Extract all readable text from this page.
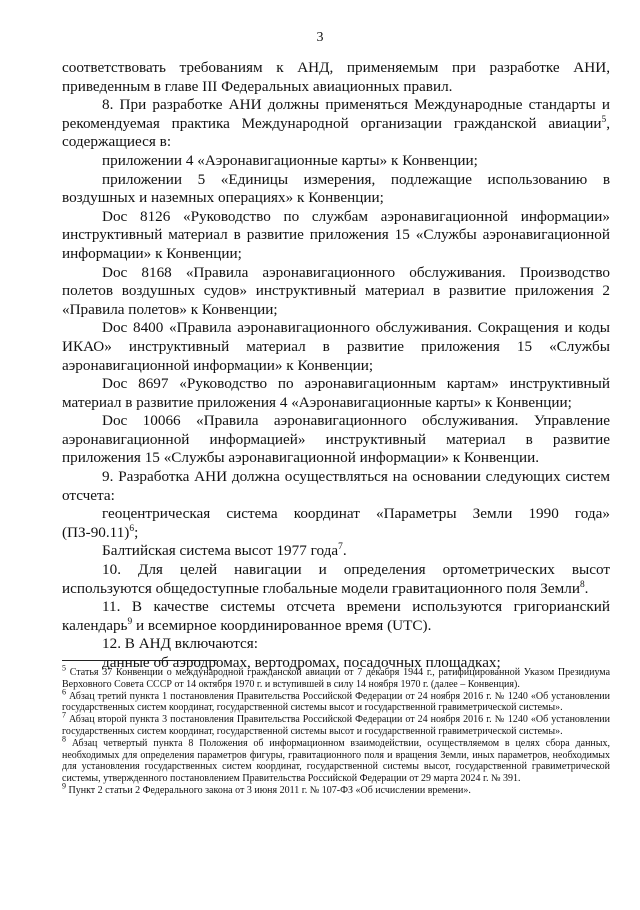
3

соответствовать требованиям к АНД, применяемым при разработке АНИ, приведенным в главе III Федеральных авиационных правил.

8. При разработке АНИ должны применяться Международные стандарты и рекомендуемая практика Международной организации гражданской авиации$^5$, содержащиеся в:

приложении 4 «Аэронавигационные карты» к Конвенции;

приложении 5 «Единицы измерения, подлежащие использованию в воздушных и наземных операциях» к Конвенции;

Doc 8126 «Руководство по службам аэронавигационной информации» инструктивный материал в развитие приложения 15 «Службы аэронавигационной информации» к Конвенции;

Doc 8168 «Правила аэронавигационного обслуживания. Производство полетов воздушных судов» инструктивный материал в развитие приложения 2 «Правила полетов» к Конвенции;

Doc 8400 «Правила аэронавигационного обслуживания. Сокращения и коды ИКАО» инструктивный материал в развитие приложения 15 «Службы аэронавигационной информации» к Конвенции;

Doc 8697 «Руководство по аэронавигационным картам» инструктивный материал в развитие приложения 4 «Аэронавигационные карты» к Конвенции;

Doc 10066 «Правила аэронавигационного обслуживания. Управление аэронавигационной информацией» инструктивный материал в развитие приложения 15 «Службы аэронавигационной информации» к Конвенции.

9. Разработка АНИ должна осуществляться на основании следующих систем отсчета:

геоцентрическая система координат «Параметры Земли 1990 года» $(ПЗ-90.11)^6$;

Балтийская система высот 1977 года$^7$.

10. Для целей навигации и определения ортометрических высот используются общедоступные глобальные модели гравитационного поля Земли$^8$.

11. В качестве системы отсчета времени используются григорианский календарь$^9$ и всемирное координированное время (UTC).

12. В АНД включаются:

данные об аэродромах, вертодромах, посадочных площадках;

$^5$ Статья 37 Конвенции о международной гражданской авиации от 7 декабря 1944 г., ратифицированной Указом Президиума Верховного Совета СССР от 14 октября 1970 г. и вступившей в силу 14 ноября 1970 г. (далее – Конвенция).

$^6$ Абзац третий пункта 1 постановления Правительства Российской Федерации от 24 ноября 2016 г. № 1240 «Об установлении государственных систем координат, государственной системы высот и государственной гравиметрической системы».

$^7$ Абзац второй пункта 3 постановления Правительства Российской Федерации от 24 ноября 2016 г. № 1240 «Об установлении государственных систем координат, государственной системы высот и государственной гравиметрической системы».

$^8$ Абзац четвертый пункта 8 Положения об информационном взаимодействии, осуществляемом в целях сбора данных, необходимых для определения параметров фигуры, гравитационного поля и вращения Земли, иных параметров, необходимых для установления государственных систем координат, государственной системы высот, государственной гравиметрической системы, утвержденного постановлением Правительства Российской Федерации от 29 марта 2024 г. № 391.

$^9$ Пункт 2 статьи 2 Федерального закона от 3 июня 2011 г. № 107-ФЗ «Об исчислении времени».
